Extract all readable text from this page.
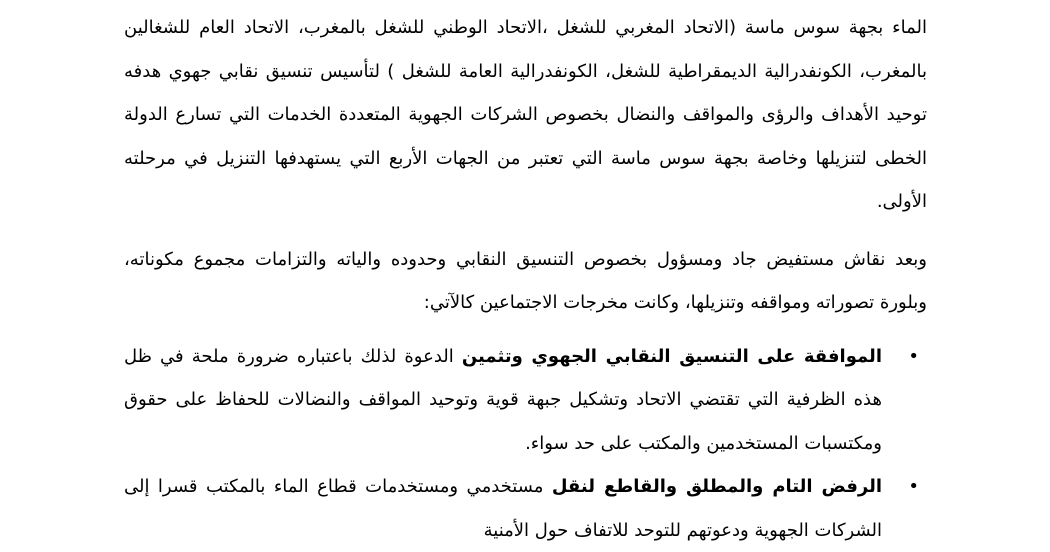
الماء بجهة سوس ماسة (الاتحاد المغربي للشغل ،الاتحاد الوطني للشغل بالمغرب، الاتحاد العام للشغالين بالمغرب، الكونفدرالية الديمقراطية للشغل، الكونفدرالية العامة للشغل ) لتأسيس تنسيق نقابي جهوي هدفه توحيد الأهداف والرؤى والمواقف والنضال بخصوص الشركات الجهوية المتعددة الخدمات التي تسارع الدولة الخطى لتنزيلها وخاصة بجهة سوس ماسة التي تعتبر من الجهات الأربع التي يستهدفها التنزيل في مرحلته الأولى.

وبعد نقاش مستفيض جاد ومسؤول بخصوص التنسيق النقابي وحدوده والياته والتزامات مجموع مكوناته، وبلورة تصوراته ومواقفه وتنزيلها، وكانت مخرجات الاجتماعين كالآتي:

•
الموافقة على التنسيق النقابي الجهوي وتثمين الدعوة لذلك باعتباره ضرورة ملحة في ظل هذه الظرفية التي تقتضي الاتحاد وتشكيل جبهة قوية وتوحيد المواقف والنضالات للحفاظ على حقوق ومكتسبات المستخدمين والمكتب على حد سواء.
•
الرفض التام والمطلق والقاطع لنقل مستخدمي ومستخدمات قطاع الماء بالمكتب قسرا إلى الشركات الجهوية ودعوتهم للتوحد للاتفاف حول الأمنية
